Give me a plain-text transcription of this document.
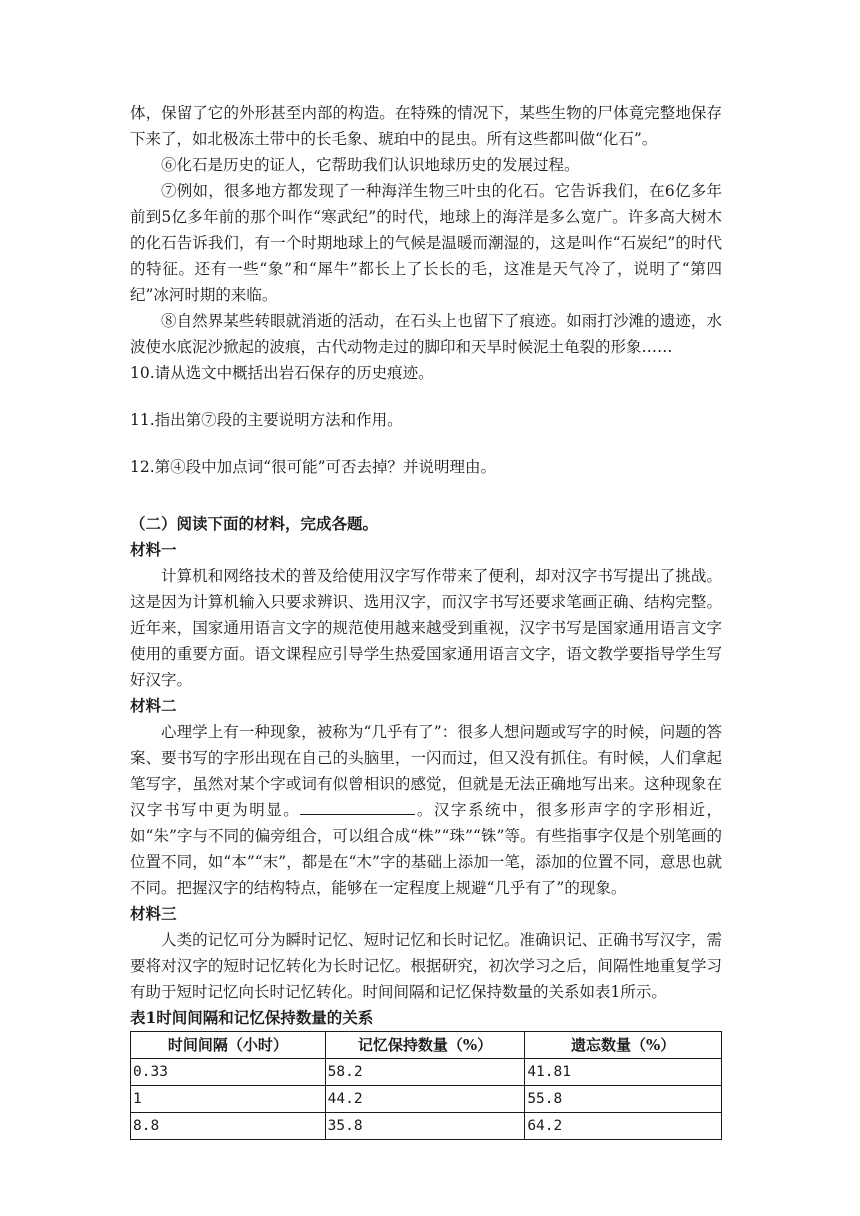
体，保留了它的外形甚至内部的构造。在特殊的情况下，某些生物的尸体竟完整地保存下来了，如北极冻土带中的长毛象、琥珀中的昆虫。所有这些都叫做“化石”。

⑥化石是历史的证人，它帮助我们认识地球历史的发展过程。

⑦例如，很多地方都发现了一种海洋生物三叶虫的化石。它告诉我们，在6亿多年前到5亿多年前的那个叫作“寒武纪”的时代，地球上的海洋是多么宽广。许多高大树木的化石告诉我们，有一个时期地球上的气候是温暖而潮湿的，这是叫作“石炭纪”的时代的特征。还有一些“象”和“犀牛”都长上了长长的毛，这准是天气冷了，说明了“第四纪”冰河时期的来临。

⑧自然界某些转眼就消逝的活动，在石头上也留下了痕迹。如雨打沙滩的遗迹，水波使水底泥沙掀起的波痕，古代动物走过的脚印和天旱时候泥土龟裂的形象……

10.请从选文中概括出岩石保存的历史痕迹。

11.指出第⑦段的主要说明方法和作用。

12.第④段中加点词“很可能”可否去掉？并说明理由。

（二）阅读下面的材料，完成各题。

材料一

计算机和网络技术的普及给使用汉字写作带来了便利，却对汉字书写提出了挑战。这是因为计算机输入只要求辨识、选用汉字，而汉字书写还要求笔画正确、结构完整。近年来，国家通用语言文字的规范使用越来越受到重视，汉字书写是国家通用语言文字使用的重要方面。语文课程应引导学生热爱国家通用语言文字，语文教学要指导学生写好汉字。

材料二

心理学上有一种现象，被称为“几乎有了”：很多人想问题或写字的时候，问题的答案、要书写的字形出现在自己的头脑里，一闪而过，但又没有抓住。有时候，人们拿起笔写字，虽然对某个字或词有似曾相识的感觉，但就是无法正确地写出来。这种现象在汉字书写中更为明显。	。汉字系统中，很多形声字的字形相近，如“朱”字与不同的偏旁组合，可以组合成“株”“珠”“铢”等。有些指事字仅是个别笔画的位置不同，如“本”“末”，都是在“木”字的基础上添加一笔，添加的位置不同，意思也就不同。把握汉字的结构特点，能够在一定程度上规避“几乎有了”的现象。

材料三

人类的记忆可分为瞬时记忆、短时记忆和长时记忆。准确识记、正确书写汉字，需要将对汉字的短时记忆转化为长时记忆。根据研究，初次学习之后，间隔性地重复学习有助于短时记忆向长时记忆转化。时间间隔和记忆保持数量的关系如表1所示。

表1时间间隔和记忆保持数量的关系

时间间隔（小时）	记忆保持数量（%）	遗忘数量（%）
0.33	58.2	41.81
1	44.2	55.8
8.8	35.8	64.2
